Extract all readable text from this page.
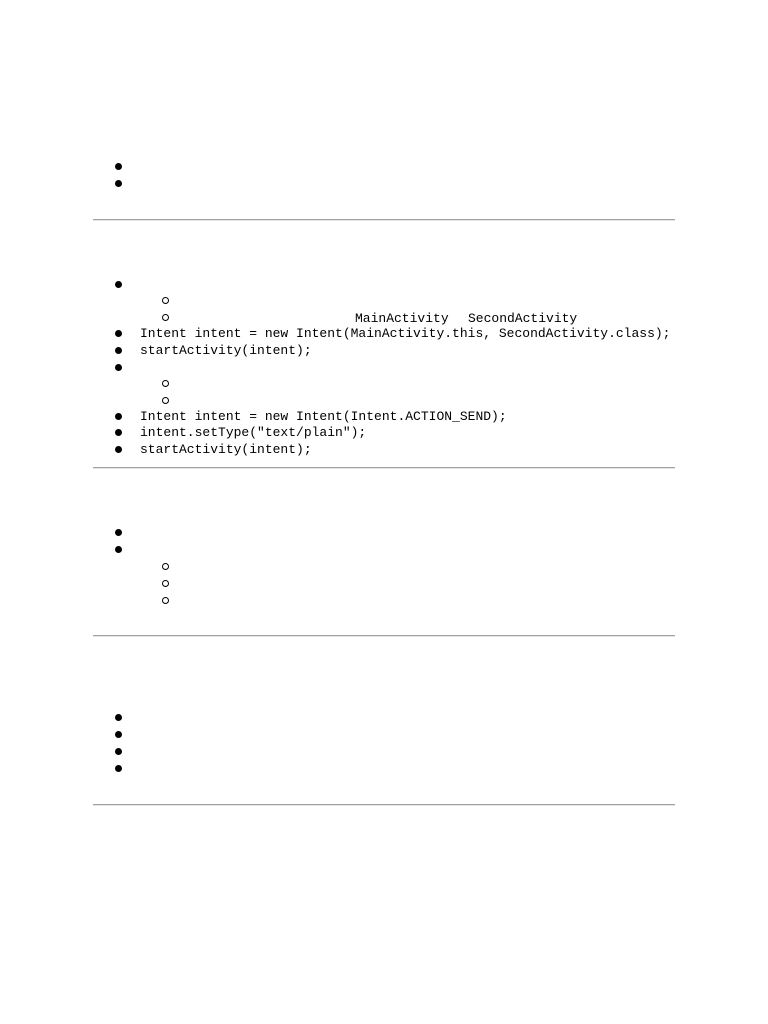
MainActivity SecondActivity
Intent intent = new Intent(MainActivity.this, SecondActivity.class);
startActivity(intent);
Intent intent = new Intent(Intent.ACTION_SEND);
intent.setType("text/plain");
startActivity(intent);
